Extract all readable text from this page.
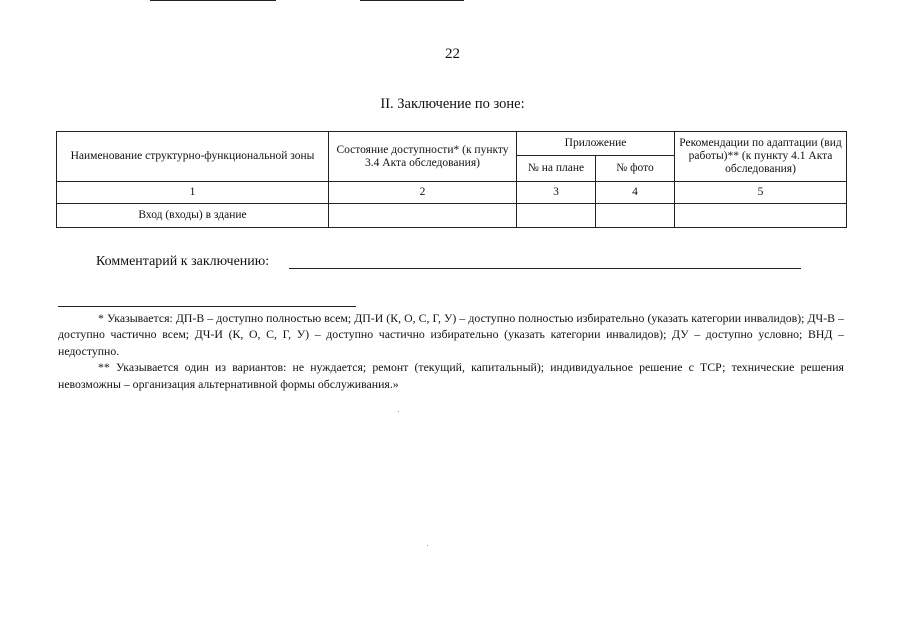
22
II. Заключение по зоне:
Наименование структурно-функциональной зоны	Состояние доступности* (к пункту 3.4 Акта обследования)	Приложение		Рекомендации по адаптации (вид работы)** (к пункту 4.1 Акта обследования)
		№ на плане	№ фото	
1	2	3	4	5
Вход (входы) в здание				
Комментарий к заключению:

* Указывается: ДП-В – доступно полностью всем; ДП-И (К, О, С, Г, У) – доступно полностью избирательно (указать категории инвалидов); ДЧ-В – доступно частично всем; ДЧ-И (К, О, С, Г, У) – доступно частично избирательно (указать категории инвалидов); ДУ – доступно условно; ВНД – недоступно.

** Указывается один из вариантов: не нуждается; ремонт (текущий, капитальный); индивидуальное решение с ТСР; технические решения невозможны – организация альтернативной формы обслуживания.»
